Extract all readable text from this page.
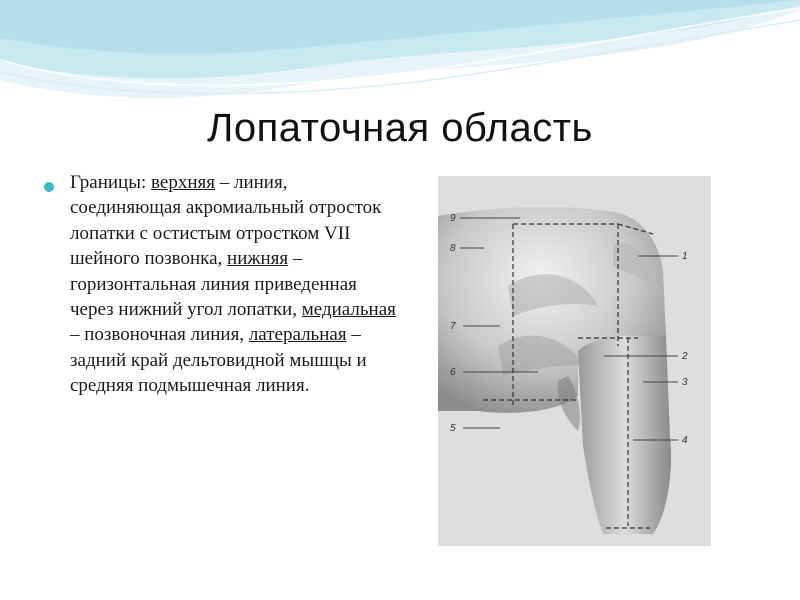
Лопаточная область
Границы: верхняя – линия, соединяющая акромиальный отросток лопатки с остистым отростком VII шейного позвонка, нижняя – горизонтальная линия приведенная через нижний угол лопатки, медиальная – позвоночная линия, латеральная – задний край дельтовидной мышцы и средняя подмышечная линия.
1
2
3
4
5
6
7
8
9
